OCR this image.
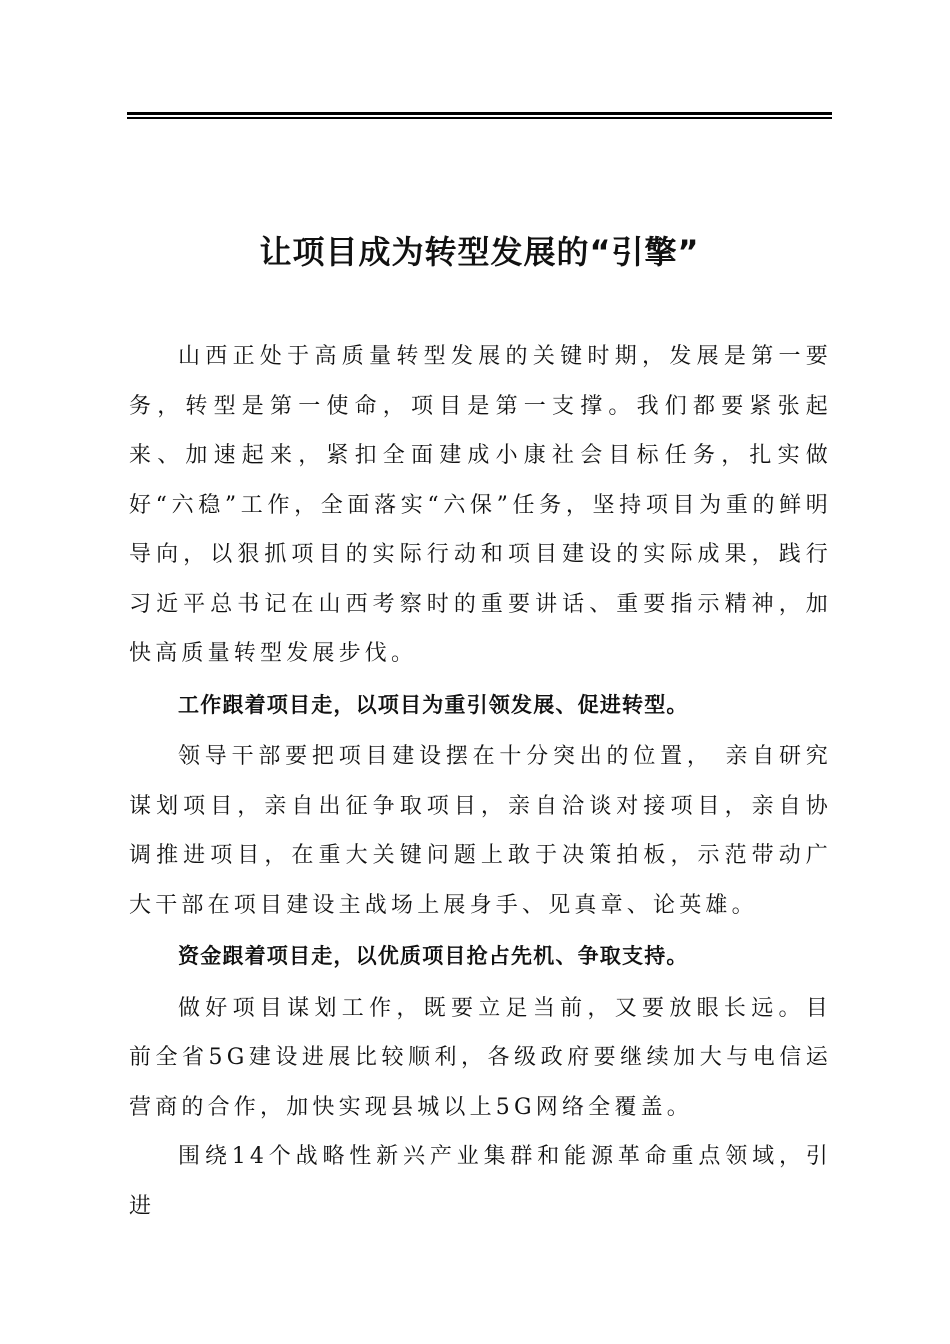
让项目成为转型发展的“引擎”

山西正处于高质量转型发展的关键时期，发展是第一要务，转型是第一使命，项目是第一支撑。我们都要紧张起来、加速起来，紧扣全面建成小康社会目标任务，扎实做好“六稳”工作，全面落实“六保”任务，坚持项目为重的鲜明导向，以狠抓项目的实际行动和项目建设的实际成果，践行习近平总书记在山西考察时的重要讲话、重要指示精神，加快高质量转型发展步伐。

工作跟着项目走，以项目为重引领发展、促进转型。

领导干部要把项目建设摆在十分突出的位置， 亲自研究谋划项目，亲自出征争取项目，亲自洽谈对接项目，亲自协调推进项目，在重大关键问题上敢于决策拍板，示范带动广大干部在项目建设主战场上展身手、见真章、论英雄。

资金跟着项目走，以优质项目抢占先机、争取支持。

做好项目谋划工作，既要立足当前，又要放眼长远。目前全省5G建设进展比较顺利，各级政府要继续加大与电信运营商的合作，加快实现县城以上5G网络全覆盖。

围绕14个战略性新兴产业集群和能源革命重点领域，引进
